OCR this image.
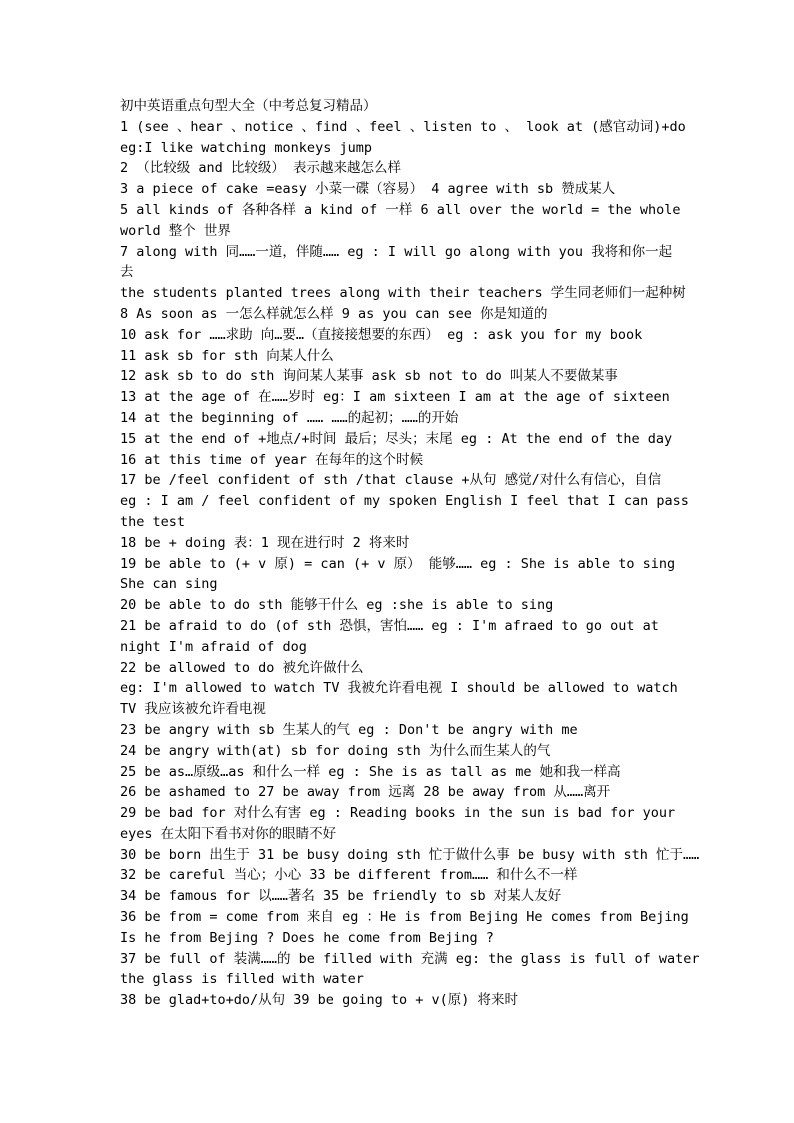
初中英语重点句型大全（中考总复习精品）
1 (see 、hear 、notice 、find 、feel 、listen to 、 look at (感官动词)+do
eg:I like watching monkeys jump
2 （比较级 and 比较级） 表示越来越怎么样
3 a piece of cake =easy 小菜一碟（容易） 4 agree with sb 赞成某人
5 all kinds of 各种各样 a kind of 一样 6 all over the world = the whole
world 整个 世界
7 along with 同……一道，伴随…… eg : I will go along with you 我将和你一起
去
the students planted trees along with their teachers 学生同老师们一起种树
8 As soon as 一怎么样就怎么样 9 as you can see 你是知道的
10 ask for ……求助 向…要…（直接接想要的东西） eg : ask you for my book
11 ask sb for sth 向某人什么
12 ask sb to do sth 询问某人某事 ask sb not to do 叫某人不要做某事
13 at the age of 在……岁时 eg：I am sixteen I am at the age of sixteen
14 at the beginning of …… ……的起初；……的开始
15 at the end of +地点/+时间 最后；尽头；末尾 eg : At the end of the day
16 at this time of year 在每年的这个时候
17 be /feel confident of sth /that clause +从句 感觉/对什么有信心，自信
eg : I am / feel confident of my spoken English I feel that I can pass
the test
18 be + doing 表：1 现在进行时 2 将来时
19 be able to (+ v 原) = can (+ v 原） 能够…… eg : She is able to sing
She can sing
20 be able to do sth 能够干什么 eg :she is able to sing
21 be afraid to do (of sth 恐惧，害怕…… eg : I'm afraed to go out at
night I'm afraid of dog
22 be allowed to do 被允许做什么
eg: I'm allowed to watch TV 我被允许看电视 I should be allowed to watch
TV 我应该被允许看电视
23 be angry with sb 生某人的气 eg : Don't be angry with me
24 be angry with(at) sb for doing sth 为什么而生某人的气
25 be as…原级…as 和什么一样 eg : She is as tall as me 她和我一样高
26 be ashamed to 27 be away from 远离 28 be away from 从……离开
29 be bad for 对什么有害 eg : Reading books in the sun is bad for your
eyes 在太阳下看书对你的眼睛不好
30 be born 出生于 31 be busy doing sth 忙于做什么事 be busy with sth 忙于……
32 be careful 当心；小心 33 be different from…… 和什么不一样
34 be famous for 以……著名 35 be friendly to sb 对某人友好
36 be from = come from 来自 eg ：He is from Bejing He comes from Bejing
Is he from Bejing ? Does he come from Bejing ?
37 be full of 装满……的 be filled with 充满 eg: the glass is full of water
the glass is filled with water
38 be glad+to+do/从句 39 be going to + v(原) 将来时
